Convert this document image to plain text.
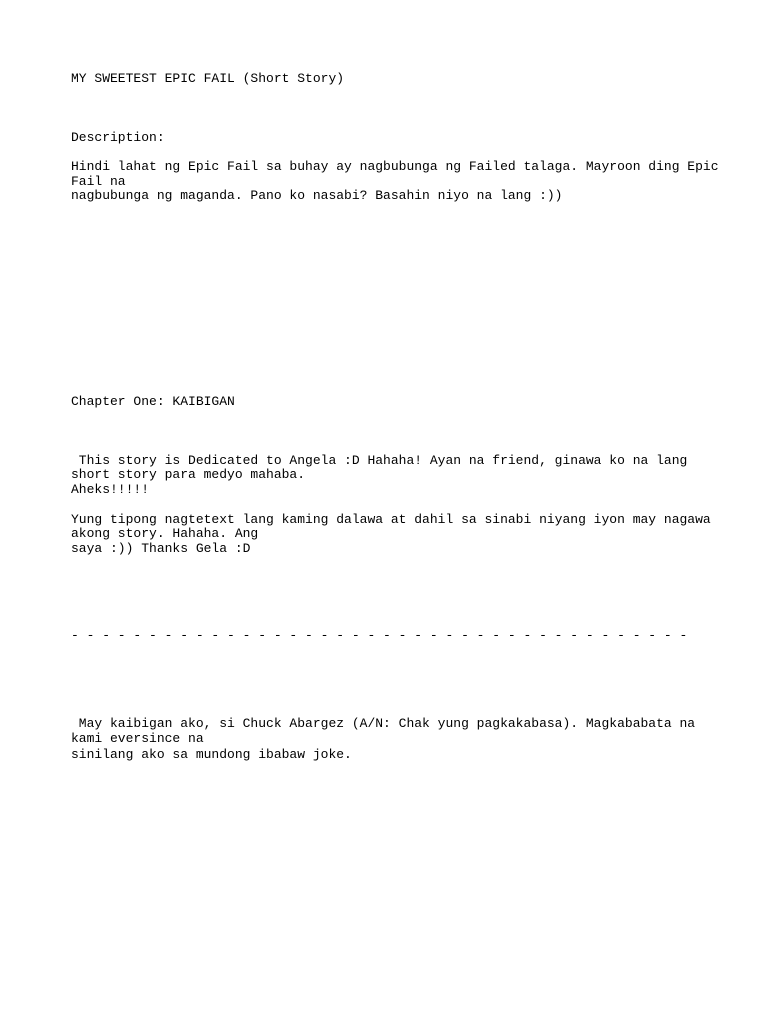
MY SWEETEST EPIC FAIL (Short Story)

Description:

Hindi lahat ng Epic Fail sa buhay ay nagbubunga ng Failed talaga. Mayroon ding Epic

Fail na

nagbubunga ng maganda. Pano ko nasabi? Basahin niyo na lang :))

Chapter One: KAIBIGAN

This story is Dedicated to Angela :D Hahaha! Ayan na friend, ginawa ko na lang

short story para medyo mahaba.

Aheks!!!!!

Yung tipong nagtetext lang kaming dalawa at dahil sa sinabi niyang iyon may nagawa

akong story. Hahaha. Ang

saya :)) Thanks Gela :D

- - - - - - - - - - - - - - - - - - - - - - - - - - - - - - - - - - - - - - - -

May kaibigan ako, si Chuck Abargez (A/N: Chak yung pagkakabasa). Magkababata na

kami eversince na

sinilang ako sa mundong ibabaw joke.
